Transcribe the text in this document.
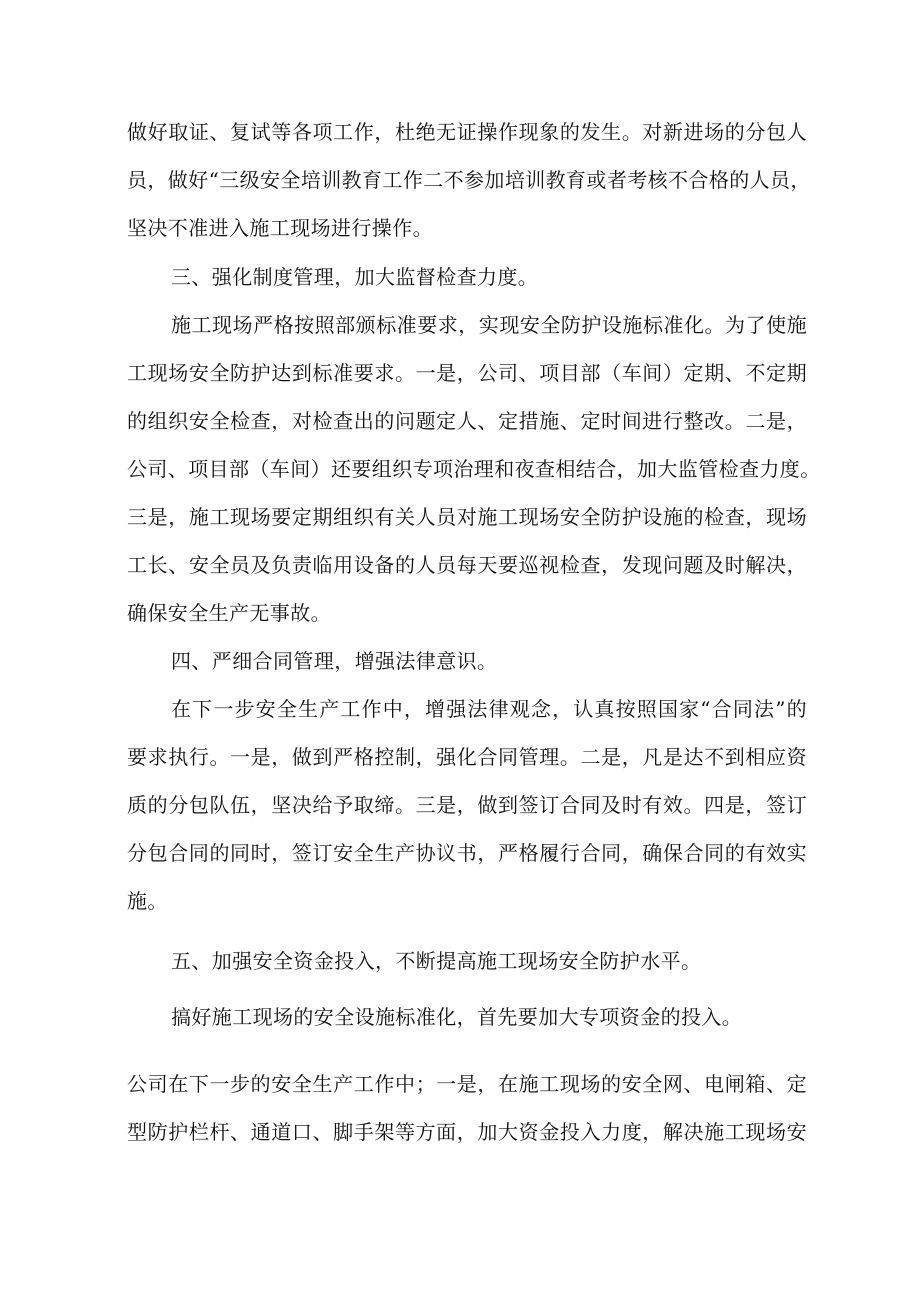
做好取证、复试等各项工作，杜绝无证操作现象的发生。对新进场的分包人
员，做好“三级安全培训教育工作二不参加培训教育或者考核不合格的人员，
坚决不准进入施工现场进行操作。
三、强化制度管理，加大监督检查力度。
施工现场严格按照部颁标准要求，实现安全防护设施标准化。为了使施
工现场安全防护达到标准要求。一是，公司、项目部（车间）定期、不定期
的组织安全检查，对检查出的问题定人、定措施、定时间进行整改。二是，
公司、项目部（车间）还要组织专项治理和夜查相结合，加大监管检查力度。
三是，施工现场要定期组织有关人员对施工现场安全防护设施的检查，现场
工长、安全员及负责临用设备的人员每天要巡视检查，发现问题及时解决，
确保安全生产无事故。
四、严细合同管理，增强法律意识。
在下一步安全生产工作中，增强法律观念，认真按照国家“合同法”的
要求执行。一是，做到严格控制，强化合同管理。二是，凡是达不到相应资
质的分包队伍，坚决给予取缔。三是，做到签订合同及时有效。四是，签订
分包合同的同时，签订安全生产协议书，严格履行合同，确保合同的有效实
施。
五、加强安全资金投入，不断提高施工现场安全防护水平。
搞好施工现场的安全设施标准化，首先要加大专项资金的投入。
公司在下一步的安全生产工作中；一是，在施工现场的安全网、电闸箱、定
型防护栏杆、通道口、脚手架等方面，加大资金投入力度，解决施工现场安
